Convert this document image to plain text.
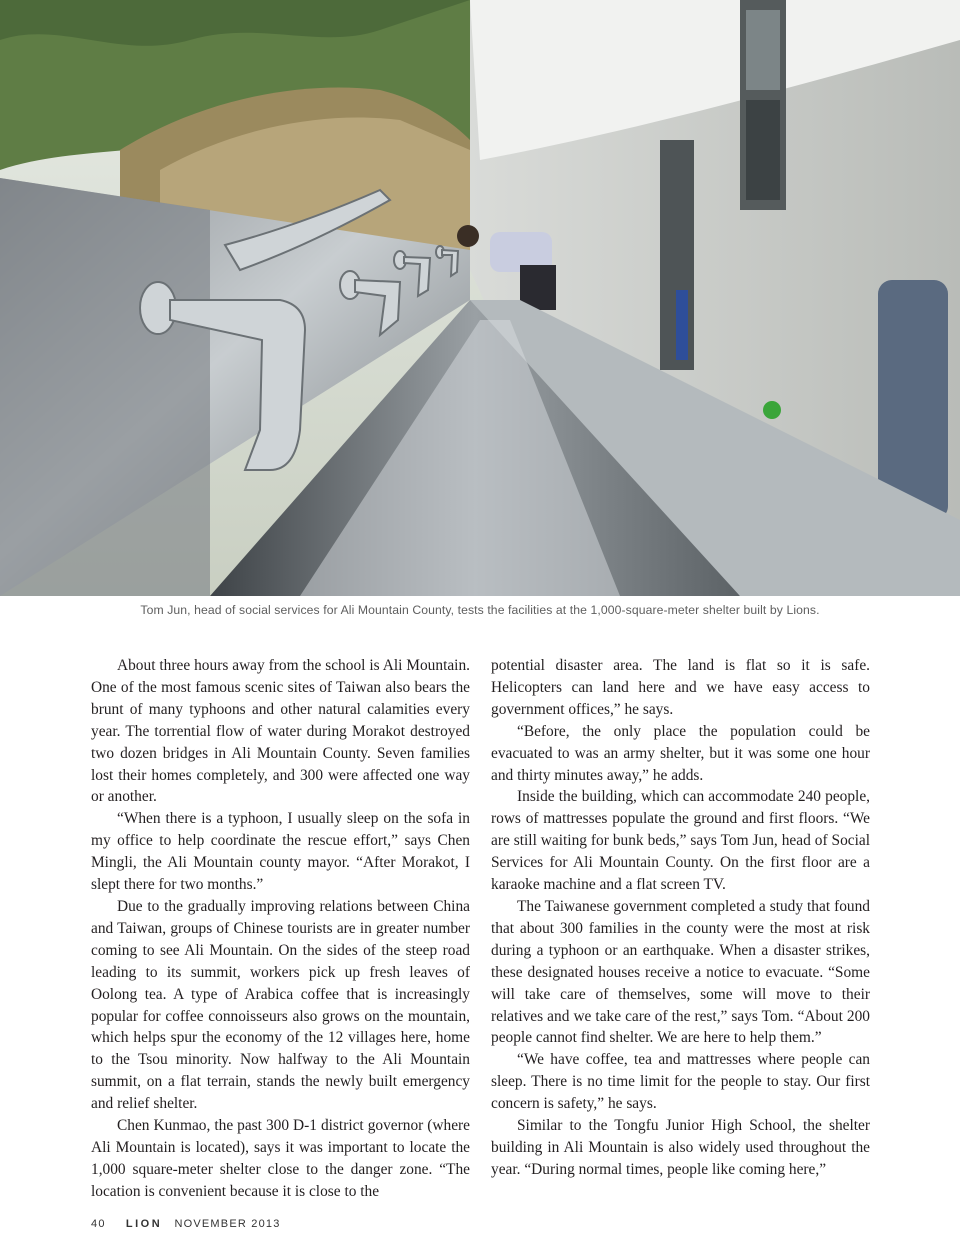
Tom Jun, head of social services for Ali Mountain County, tests the facilities at the 1,000-square-meter shelter built by Lions.

About three hours away from the school is Ali Mountain. One of the most famous scenic sites of Taiwan also bears the brunt of many typhoons and other natural calamities every year. The torrential flow of water during Morakot destroyed two dozen bridges in Ali Mountain County. Seven families lost their homes completely, and 300 were affected one way or another.

“When there is a typhoon, I usually sleep on the sofa in my office to help coordinate the rescue effort,” says Chen Mingli, the Ali Mountain county mayor. “After Morakot, I slept there for two months.”

Due to the gradually improving relations between China and Taiwan, groups of Chinese tourists are in greater number coming to see Ali Mountain. On the sides of the steep road leading to its summit, workers pick up fresh leaves of Oolong tea. A type of Arabica coffee that is increasingly popular for coffee connoisseurs also grows on the mountain, which helps spur the economy of the 12 villages here, home to the Tsou minority. Now halfway to the Ali Mountain summit, on a flat terrain, stands the newly built emergency and relief shelter.

Chen Kunmao, the past 300 D-1 district governor (where Ali Mountain is located), says it was important to locate the 1,000 square-meter shelter close to the danger zone. “The location is convenient because it is close to the

potential disaster area. The land is flat so it is safe. Helicopters can land here and we have easy access to government offices,” he says.

“Before, the only place the population could be evacuated to was an army shelter, but it was some one hour and thirty minutes away,” he adds.

Inside the building, which can accommodate 240 people, rows of mattresses populate the ground and first floors. “We are still waiting for bunk beds,” says Tom Jun, head of Social Services for Ali Mountain County. On the first floor are a karaoke machine and a flat screen TV.

The Taiwanese government completed a study that found that about 300 families in the county were the most at risk during a typhoon or an earthquake. When a disaster strikes, these designated houses receive a notice to evacuate. “Some will take care of themselves, some will move to their relatives and we take care of the rest,” says Tom. “About 200 people cannot find shelter. We are here to help them.”

“We have coffee, tea and mattresses where people can sleep. There is no time limit for the people to stay. Our first concern is safety,” he says.

Similar to the Tongfu Junior High School, the shelter building in Ali Mountain is also widely used throughout the year. “During normal times, people like coming here,”

40 LION NOVEMBER 2013
